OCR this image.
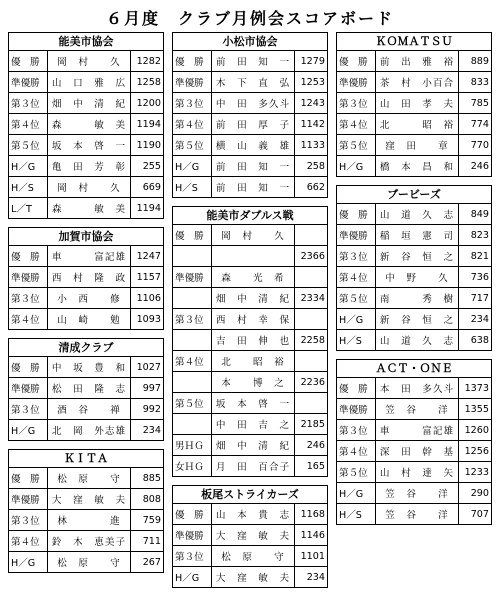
６月度　クラブ月例会スコアボード
能美市協会
優　勝	岡　村　　久	1282
準優勝	山　口　雅　広	1258
第３位	畑　中　清　紀	1200
第４位	森　　　敏　美	1194
第５位	坂　本　啓　一	1190
H／G	亀　田　芳　彰	255
H／S	岡　村　　久	669
L／T	森　　　敏　美	1194
加賀市協会
優　勝	車　　　富記雄	1247
準優勝	西　村　隆　政	1157
第３位	小　西　　修	1106
第４位	山　崎　　勉	1093
清成クラブ
優　勝	中　坂　豊　和	1027
準優勝	松　田　隆　志	997
第３位	酒　谷　　禅	992
H／G	北　岡　外志雄	234
ＫＩＴＡ
優　勝	松　原　　守	885
準優勝	大　窪　敏　夫	808
第３位	林　　　　進	759
第４位	鈴　木　恵美子	711
H／G	松　原　　守	267
小松市協会
優　勝	前　田　知　一	1279
準優勝	木　下　直　弘	1253
第３位	中　田　多久斗	1243
第４位	前　田　厚　子	1142
第５位	横　山　義　雄	1133
H／G	前　田　知　一	258
H／S	前　田　知　一	662
能美市ダブルス戦
優　勝	岡　村　　久	
		2366
準優勝	森　　光　希	
	畑　中　清　紀	2334
第３位	西　村　幸　保	
	吉　田　伸　也	2258
第４位	北　　昭　裕	
	本　　博　之	2236
第５位	坂　本　啓　一	
	中　田　吉　之	2185
男ＨＧ	畑　中　清　紀	246
女ＨＧ	月　田　百合子	165
板尾ストライカーズ
優　勝	山　本　貴　志	1168
準優勝	大　窪　敏　夫	1146
第３位	松　原　　守	1101
H／G	大　窪　敏　夫	234
ＫＯＭＡＴＳＵ
優　勝	前　出　雅　裕	889
準優勝	茶　村　小百合	833
第３位	山　田　孝　夫	785
第４位	北　　　昭　裕	774
第５位	窪　田　　章	770
H／G	橋　本　昌　和	246
ブービーズ
優　勝	山　道　久　志	849
準優勝	稲　垣　憲　司	823
第３位	新　谷　恒　之	821
第４位	中　野　　久	736
第５位	南　　　秀　樹	717
H／G	新　谷　恒　之	234
H／S	山　道　久　志	638
ＡＣＴ・ＯＮＥ
優　勝	本　田　多久斗	1373
準優勝	笠　谷　　洋	1355
第３位	車　　　富記雄	1260
第４位	深　田　幹　基	1256
第５位	山　村　達　矢	1233
H／G	笠　谷　　洋	290
H／S	笠　谷　　洋	707
